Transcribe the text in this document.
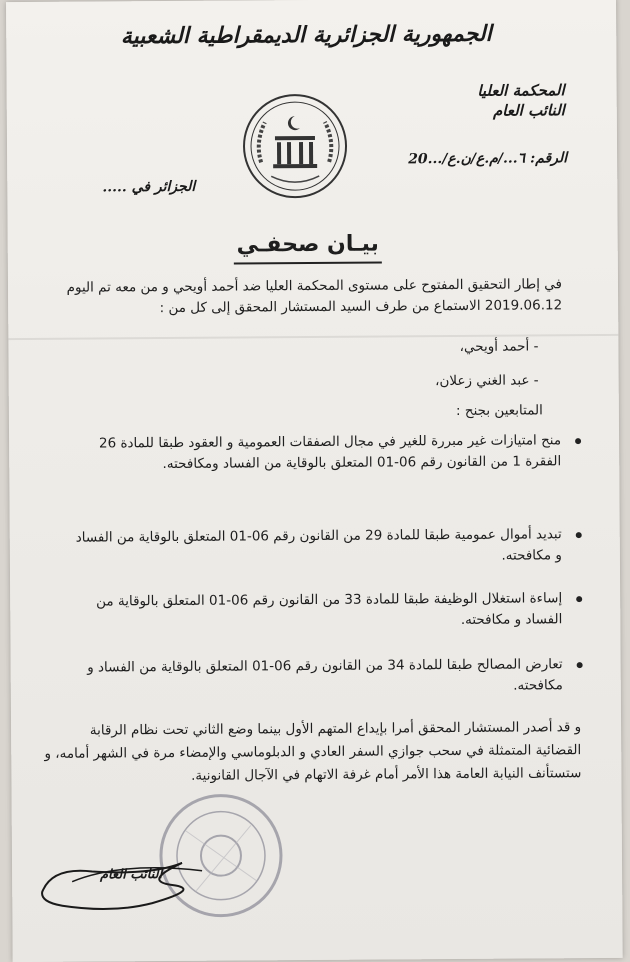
الجمهورية الجزائرية الديمقراطية الشعبية
المحكمة العليا
النائب العام
الرقم: ٦.../م.ع/ن.ع/...20
الجزائر في .....
بيـان صحفـي
في إطار التحقيق المفتوح على مستوى المحكمة العليا ضد أحمد أويحي و من معه تم اليوم 2019.06.12 الاستماع من طرف السيد المستشار المحقق إلى كل من :
- أحمد أويحي،
- عبد الغني زعلان،
المتابعين بجنح :
منح امتيازات غير مبررة للغير في مجال الصفقات العمومية و العقود طبقا للمادة 26 الفقرة 1 من القانون رقم 06-01 المتعلق بالوقاية من الفساد ومكافحته.
تبديد أموال عمومية طبقا للمادة 29 من القانون رقم 06-01 المتعلق بالوقاية من الفساد و مكافحته.
إساءة استغلال الوظيفة طبقا للمادة 33 من القانون رقم 06-01 المتعلق بالوقاية من الفساد و مكافحته.
تعارض المصالح طبقا للمادة 34 من القانون رقم 06-01 المتعلق بالوقاية من الفساد و مكافحته.
و قد أصدر المستشار المحقق أمرا بإيداع المتهم الأول بينما وضع الثاني تحت نظام الرقابة القضائية المتمثلة في سحب جوازي السفر العادي و الدبلوماسي والإمضاء مرة في الشهر أمامه، و ستستأنف النيابة العامة هذا الأمر أمام غرفة الاتهام في الآجال القانونية.
النائب العام
